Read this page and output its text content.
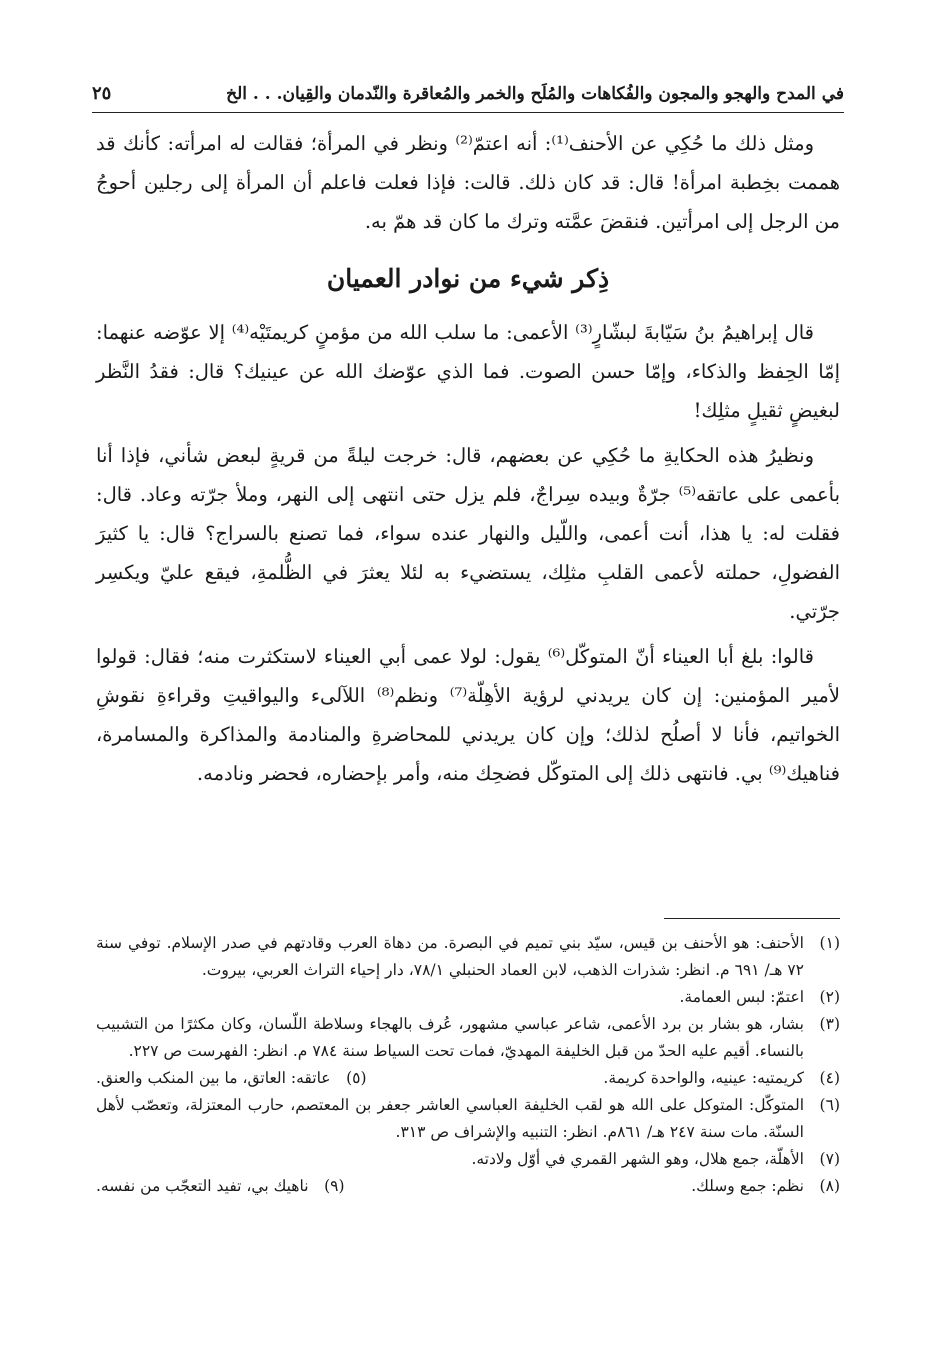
في المدح والهجو والمجون والفُكاهات والمُلَح والخمر والمُعاقرة والنّدمان والقِيان. . . الخ
٢٥

ومثل ذلك ما حُكِي عن الأحنف⁽¹⁾: أنه اعتمّ⁽²⁾ ونظر في المرأة؛ فقالت له امرأته: كأنك قد هممت بخِطبة امرأة! قال: قد كان ذلك. قالت: فإذا فعلت فاعلم أن المرأة إلى رجلين أحوجُ من الرجل إلى امرأتين. فنقضَ عمَّته وترك ما كان قد همّ به.

ذِكر شيء من نوادر العميان

قال إبراهيمُ بنُ سَيّابةَ لبشّارٍ⁽³⁾ الأعمى: ما سلب الله من مؤمنٍ كريمتَيْه⁽⁴⁾ إلا عوّضه عنهما: إمّا الحِفظ والذكاء، وإمّا حسن الصوت. فما الذي عوّضك الله عن عينيك؟ قال: فقدُ النَّظر لبغيضٍ ثقيلٍ مثلِك!

ونظيرُ هذه الحكايةِ ما حُكِي عن بعضهم، قال: خرجت ليلةً من قريةٍ لبعض شأني، فإذا أنا بأعمى على عاتقه⁽⁵⁾ جرّةٌ وبيده سِراجٌ، فلم يزل حتى انتهى إلى النهر، وملأ جرّته وعاد. قال: فقلت له: يا هذا، أنت أعمى، واللّيل والنهار عنده سواء، فما تصنع بالسراج؟ قال: يا كثيرَ الفضولِ، حملته لأعمى القلبِ مثلِك، يستضيء به لئلا يعثرَ في الظُّلمةِ، فيقع عليّ ويكسِر جرّتي.

قالوا: بلغ أبا العيناء أنّ المتوكّل⁽⁶⁾ يقول: لولا عمى أبي العيناء لاستكثرت منه؛ فقال: قولوا لأمير المؤمنين: إن كان يريدني لرؤية الأهِلّة⁽⁷⁾ ونظم⁽⁸⁾ اللآلىء واليواقيتِ وقراءةِ نقوشِ الخواتيم، فأنا لا أصلُح لذلك؛ وإن كان يريدني للمحاضرةِ والمنادمة والمذاكرة والمسامرة، فناهيك⁽⁹⁾ بي. فانتهى ذلك إلى المتوكّل فضحِك منه، وأمر بإحضاره، فحضر ونادمه.

(١)
الأحنف: هو الأحنف بن قيس، سيّد بني تميم في البصرة. من دهاة العرب وقادتهم في صدر الإسلام. توفي سنة ٧٢ هـ/ ٦٩١ م. انظر: شذرات الذهب، لابن العماد الحنبلي ٧٨/١، دار إحياء التراث العربي، بيروت.
(٢)
اعتمّ: لبس العمامة.
(٣)
بشار، هو بشار بن برد الأعمى، شاعر عباسي مشهور، عُرف بالهجاء وسلاطة اللّسان، وكان مكثرًا من التشبيب بالنساء. أقيم عليه الحدّ من قبل الخليفة المهديّ، فمات تحت السياط سنة ٧٨٤ م. انظر: الفهرست ص ٢٢٧.
(٤)
كريمتيه: عينيه، والواحدة كريمة.
(٥)
عاتقه: العاتق، ما بين المنكب والعنق.
(٦)
المتوكّل: المتوكل على الله هو لقب الخليفة العباسي العاشر جعفر بن المعتصم، حارب المعتزلة، وتعصّب لأهل السنّة. مات سنة ٢٤٧ هـ/ ٨٦١م. انظر: التنبيه والإشراف ص ٣١٣.
(٧)
الأهلّة، جمع هلال، وهو الشهر القمري في أوّل ولادته.
(٨)
نظم: جمع وسلك.
(٩)
ناهيك بي، تفيد التعجّب من نفسه.
